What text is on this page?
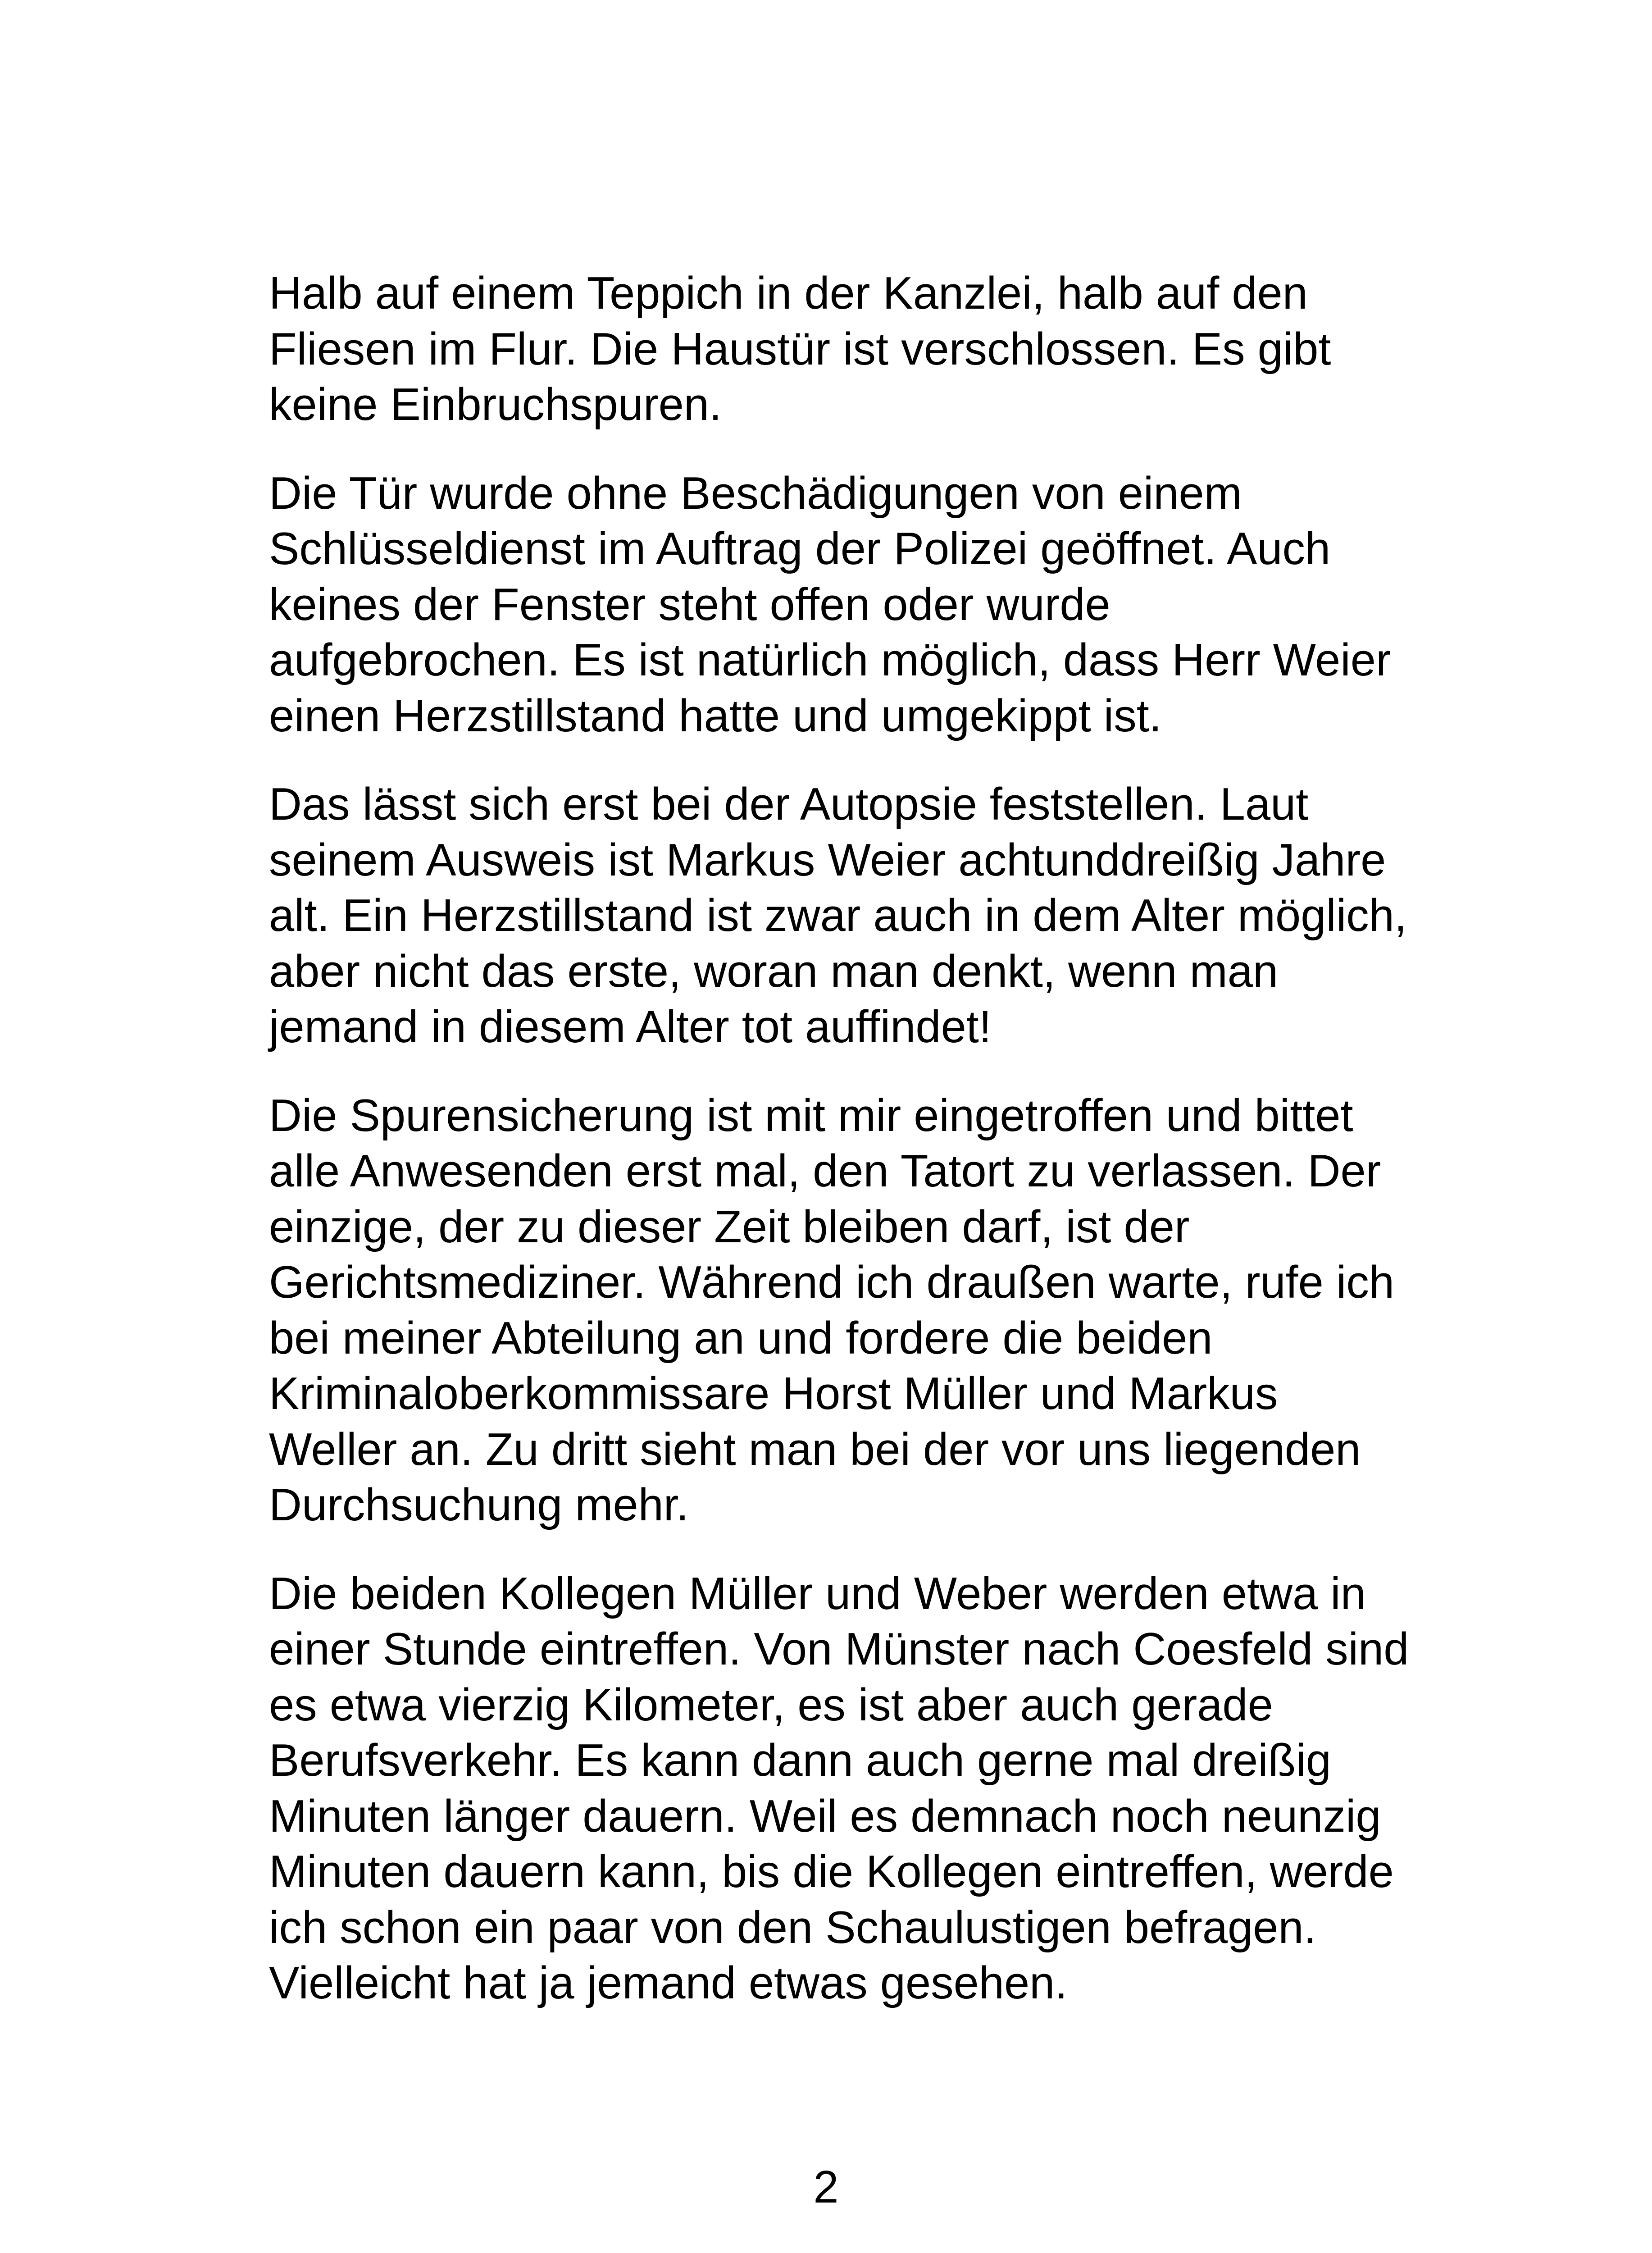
Halb auf einem Teppich in der Kanzlei, halb auf den Fliesen im Flur. Die Haustür ist verschlossen. Es gibt keine Einbruchspuren.

Die Tür wurde ohne Beschädigungen von einem Schlüsseldienst im Auftrag der Polizei geöffnet. Auch keines der Fenster steht offen oder wurde aufgebrochen. Es ist natürlich möglich, dass Herr Weier einen Herzstillstand hatte und umgekippt ist.

Das lässt sich erst bei der Autopsie feststellen. Laut seinem Ausweis ist Markus Weier achtunddreißig Jahre alt. Ein Herzstillstand ist zwar auch in dem Alter möglich, aber nicht das erste, woran man denkt, wenn man jemand in diesem Alter tot auffindet!

Die Spurensicherung ist mit mir eingetroffen und bittet alle Anwesenden erst mal, den Tatort zu verlassen. Der einzige, der zu dieser Zeit bleiben darf, ist der Gerichtsmediziner. Während ich draußen warte, rufe ich bei meiner Abteilung an und fordere die beiden Kriminaloberkommissare Horst Müller und Markus Weller an. Zu dritt sieht man bei der vor uns liegenden Durchsuchung mehr.

Die beiden Kollegen Müller und Weber werden etwa in einer Stunde eintreffen. Von Münster nach Coesfeld sind es etwa vierzig Kilometer, es ist aber auch gerade Berufsverkehr. Es kann dann auch gerne mal dreißig Minuten länger dauern. Weil es demnach noch neunzig Minuten dauern kann, bis die Kollegen eintreffen, werde ich schon ein paar von den Schaulustigen befragen. Vielleicht hat ja jemand etwas gesehen.

2
